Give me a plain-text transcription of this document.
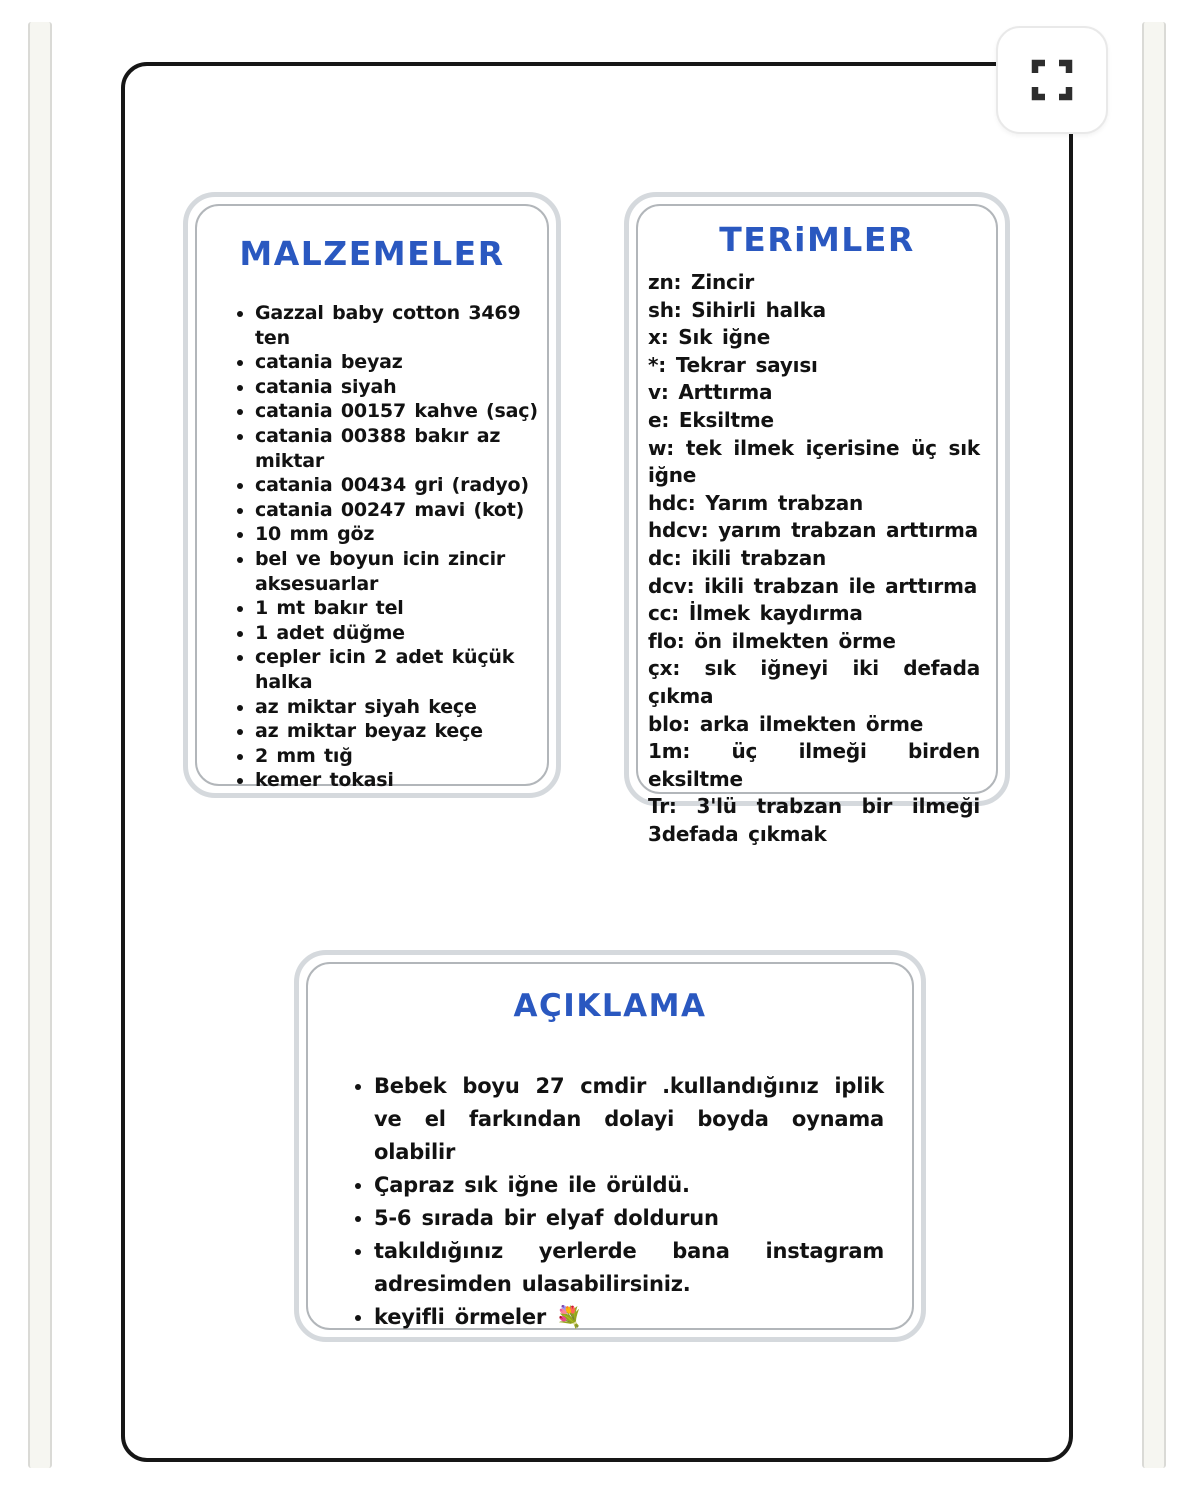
MALZEMELER
• Gazzal baby cotton 3469 ten
• catania beyaz
• catania siyah
• catania 00157 kahve (saç)
• catania 00388 bakır az miktar
• catania 00434 gri (radyo)
• catania 00247 mavi (kot)
• 10 mm göz
• bel ve boyun icin zincir aksesuarlar
• 1 mt bakır tel
• 1 adet düğme
• cepler icin 2 adet küçük halka
• az miktar siyah keçe
• az miktar beyaz keçe
• 2 mm tığ
• kemer tokasi
TERiMLER
zn: Zincir
sh: Sihirli halka
x: Sık iğne
*: Tekrar sayısı
v: Arttırma
e: Eksiltme
w: tek ilmek içerisine üç sık iğne
hdc: Yarım trabzan
hdcv: yarım trabzan arttırma
dc: ikili trabzan
dcv: ikili trabzan ile arttırma
cc: İlmek kaydırma
flo: ön ilmekten örme
çx: sık iğneyi iki defada çıkma
blo: arka ilmekten örme
1m: üç ilmeği birden eksiltme
Tr: 3'lü trabzan bir ilmeği 3defada çıkmak
AÇIKLAMA
• Bebek boyu 27 cmdir .kullandığınız iplik ve el farkından dolayi boyda oynama olabilir
• Çapraz sık iğne ile örüldü.
• 5-6 sırada bir elyaf doldurun
• takıldığınız yerlerde bana instagram adresimden ulasabilirsiniz.
• keyifli örmeler 💐
